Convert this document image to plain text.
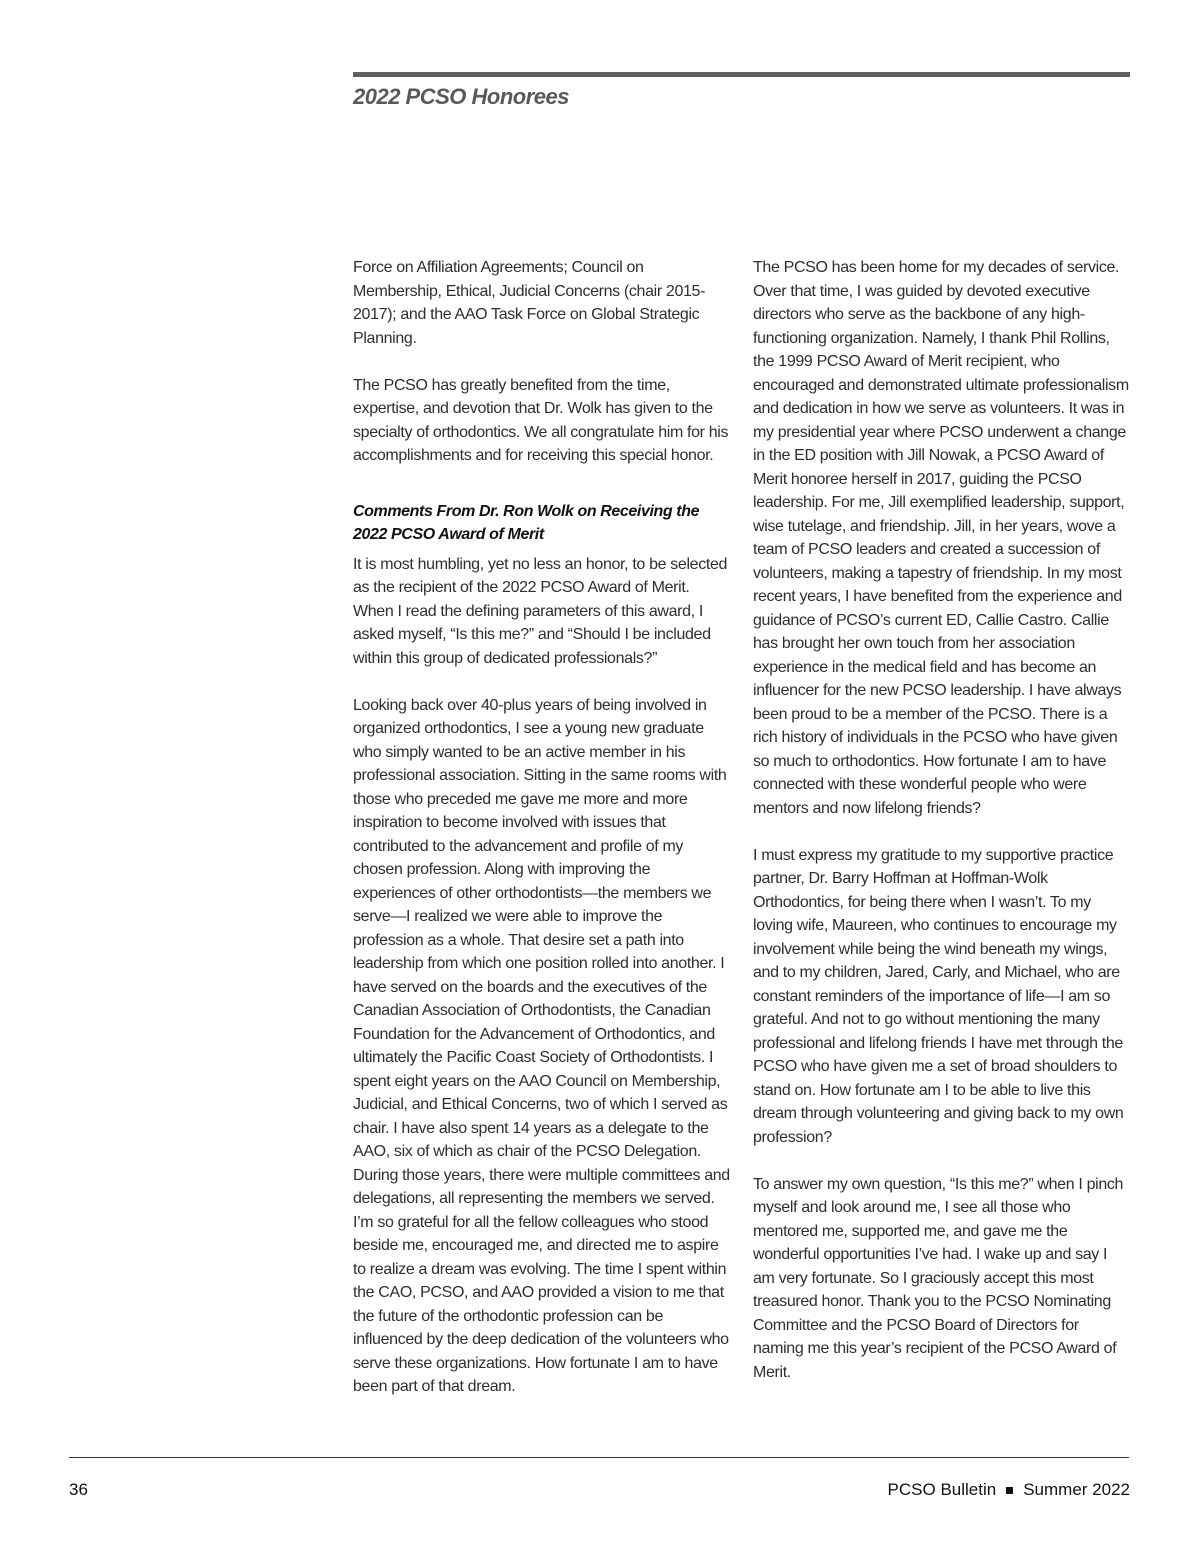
2022 PCSO Honorees

Force on Affiliation Agreements; Council on Membership, Ethical, Judicial Concerns (chair 2015-2017); and the AAO Task Force on Global Strategic Planning.

The PCSO has greatly benefited from the time, expertise, and devotion that Dr. Wolk has given to the specialty of orthodontics. We all congratulate him for his accomplishments and for receiving this special honor.

Comments From Dr. Ron Wolk on Receiving the 2022 PCSO Award of Merit

It is most humbling, yet no less an honor, to be selected as the recipient of the 2022 PCSO Award of Merit. When I read the defining parameters of this award, I asked myself, “Is this me?” and “Should I be included within this group of dedicated professionals?”

Looking back over 40-plus years of being involved in organized orthodontics, I see a young new graduate who simply wanted to be an active member in his professional association. Sitting in the same rooms with those who preceded me gave me more and more inspiration to become involved with issues that contributed to the advancement and profile of my chosen profession. Along with improving the experiences of other orthodontists—the members we serve—I realized we were able to improve the profession as a whole. That desire set a path into leadership from which one position rolled into another. I have served on the boards and the executives of the Canadian Association of Orthodontists, the Canadian Foundation for the Advancement of Orthodontics, and ultimately the Pacific Coast Society of Orthodontists. I spent eight years on the AAO Council on Membership, Judicial, and Ethical Concerns, two of which I served as chair. I have also spent 14 years as a delegate to the AAO, six of which as chair of the PCSO Delegation. During those years, there were multiple committees and delegations, all representing the members we served. I’m so grateful for all the fellow colleagues who stood beside me, encouraged me, and directed me to aspire to realize a dream was evolving. The time I spent within the CAO, PCSO, and AAO provided a vision to me that the future of the orthodontic profession can be influenced by the deep dedication of the volunteers who serve these organizations. How fortunate I am to have been part of that dream.

The PCSO has been home for my decades of service. Over that time, I was guided by devoted executive directors who serve as the backbone of any high-functioning organization. Namely, I thank Phil Rollins, the 1999 PCSO Award of Merit recipient, who encouraged and demonstrated ultimate professionalism and dedication in how we serve as volunteers. It was in my presidential year where PCSO underwent a change in the ED position with Jill Nowak, a PCSO Award of Merit honoree herself in 2017, guiding the PCSO leadership. For me, Jill exemplified leadership, support, wise tutelage, and friendship. Jill, in her years, wove a team of PCSO leaders and created a succession of volunteers, making a tapestry of friendship. In my most recent years, I have benefited from the experience and guidance of PCSO’s current ED, Callie Castro. Callie has brought her own touch from her association experience in the medical field and has become an influencer for the new PCSO leadership. I have always been proud to be a member of the PCSO. There is a rich history of individuals in the PCSO who have given so much to orthodontics. How fortunate I am to have connected with these wonderful people who were mentors and now lifelong friends?

I must express my gratitude to my supportive practice partner, Dr. Barry Hoffman at Hoffman-Wolk Orthodontics, for being there when I wasn’t. To my loving wife, Maureen, who continues to encourage my involvement while being the wind beneath my wings, and to my children, Jared, Carly, and Michael, who are constant reminders of the importance of life—I am so grateful. And not to go without mentioning the many professional and lifelong friends I have met through the PCSO who have given me a set of broad shoulders to stand on. How fortunate am I to be able to live this dream through volunteering and giving back to my own profession?

To answer my own question, “Is this me?” when I pinch myself and look around me, I see all those who mentored me, supported me, and gave me the wonderful opportunities I’ve had. I wake up and say I am very fortunate. So I graciously accept this most treasured honor. Thank you to the PCSO Nominating Committee and the PCSO Board of Directors for naming me this year’s recipient of the PCSO Award of Merit.

36	PCSO Bulletin Summer 2022
